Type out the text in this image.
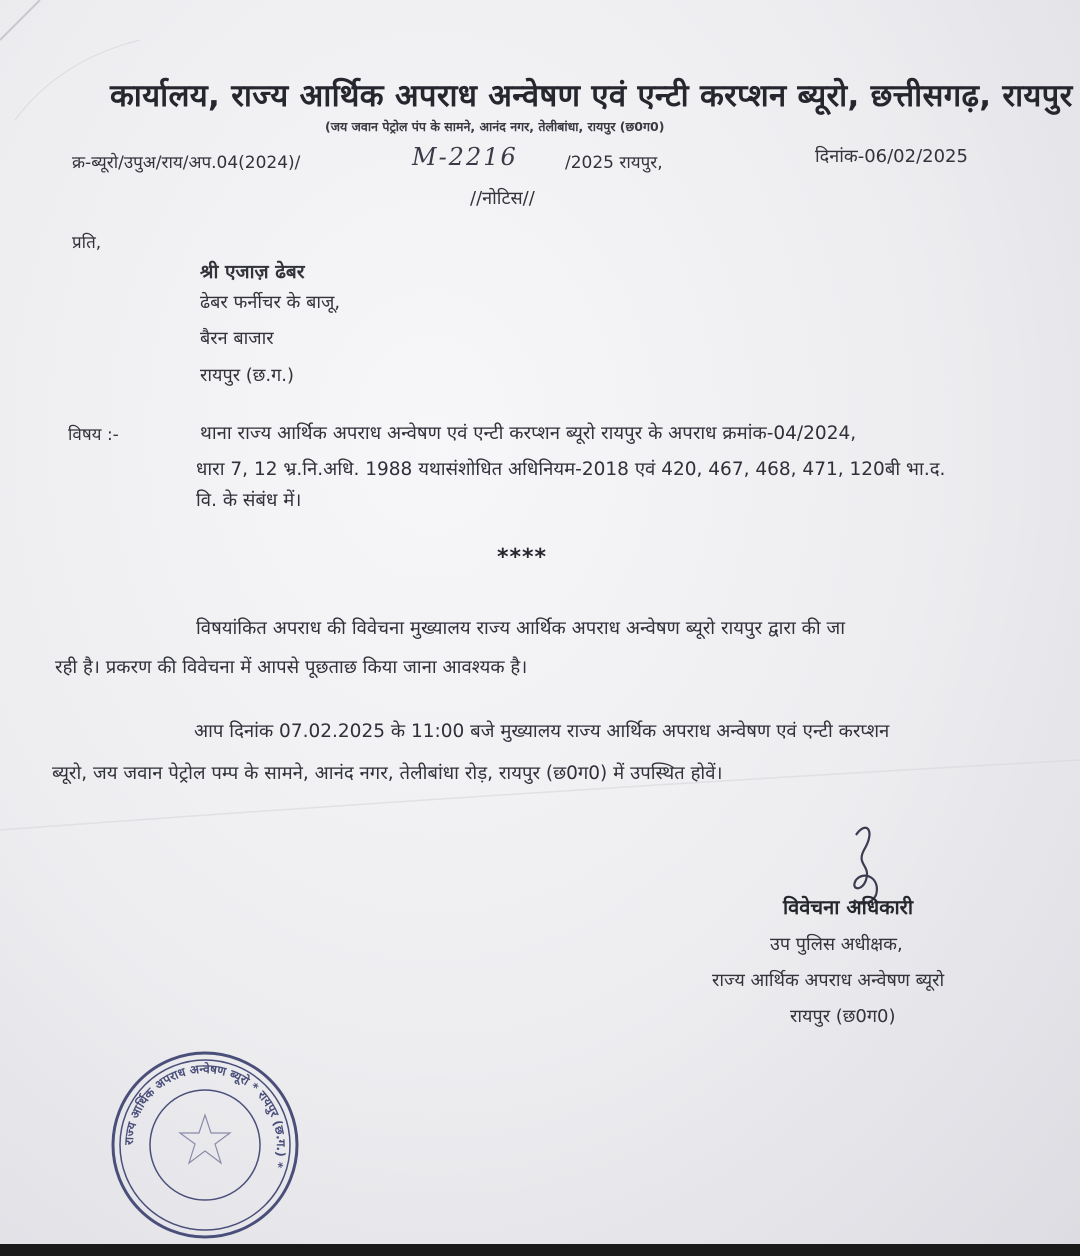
कार्यालय, राज्य आर्थिक अपराध अन्वेषण एवं एन्टी करप्शन ब्यूरो, छत्तीसगढ़, रायपुर
(जय जवान पेट्रोल पंप के सामने, आनंद नगर, तेलीबांधा, रायपुर (छ0ग0)
क्र-ब्यूरो/उपुअ/राय/अप.04(2024)/	M-2216	/2025 रायपुर,	दिनांक-06/02/2025
//नोटिस//
प्रति,
श्री एजाज़ ढेबर
ढेबर फर्नीचर के बाजू,
बैरन बाजार
रायपुर (छ.ग.)
विषय :-	थाना राज्य आर्थिक अपराध अन्वेषण एवं एन्टी करप्शन ब्यूरो रायपुर के अपराध क्रमांक-04/2024,
धारा 7, 12 भ्र.नि.अधि. 1988 यथासंशोधित अधिनियम-2018 एवं 420, 467, 468, 471, 120बी भा.द.
वि. के संबंध में।
****
विषयांकित अपराध की विवेचना मुख्यालय राज्य आर्थिक अपराध अन्वेषण ब्यूरो रायपुर द्वारा की जा
रही है। प्रकरण की विवेचना में आपसे पूछताछ किया जाना आवश्यक है।
आप दिनांक 07.02.2025 के 11:00 बजे मुख्यालय राज्य आर्थिक अपराध अन्वेषण एवं एन्टी करप्शन
ब्यूरो, जय जवान पेट्रोल पम्प के सामने, आनंद नगर, तेलीबांधा रोड़, रायपुर (छ0ग0) में उपस्थित होवें।
विवेचना अधिकारी
उप पुलिस अधीक्षक,
राज्य आर्थिक अपराध अन्वेषण ब्यूरो
रायपुर (छ0ग0)
राज्य आर्थिक अपराध अन्वेषण ब्यूरो * रायपुर (छ.ग.) *
